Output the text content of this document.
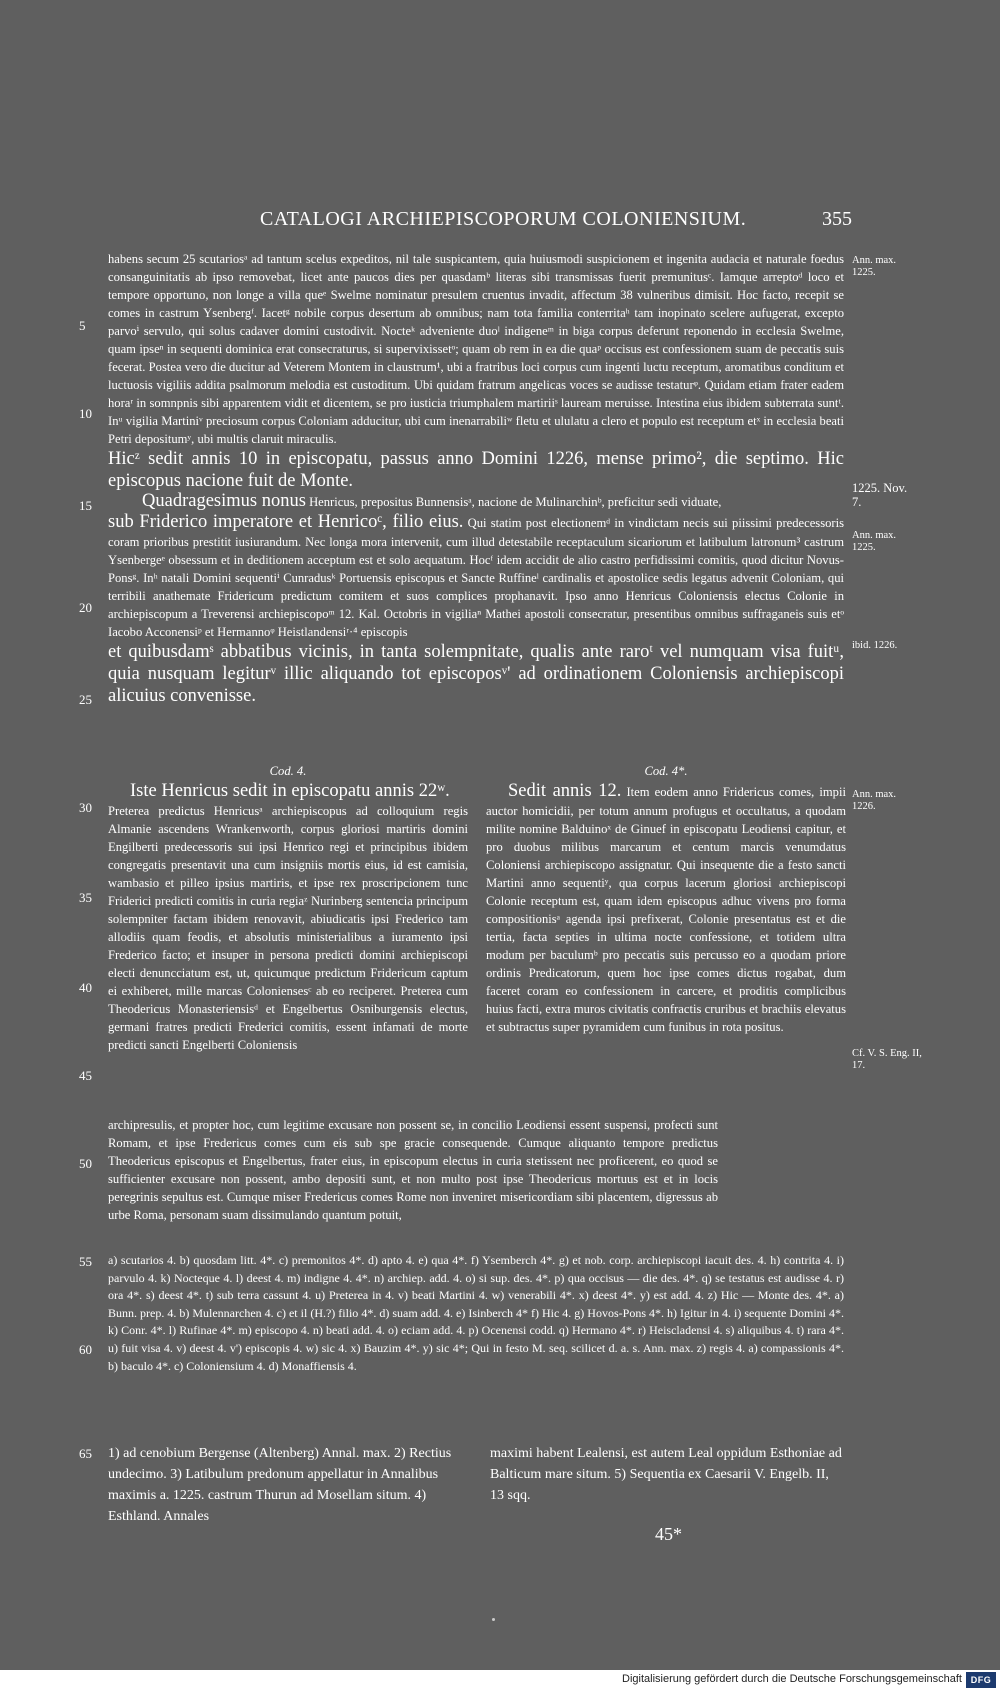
CATALOGI ARCHIEPISCOPORUM COLONIENSIUM.	355
5
10
15
20
25
30
35
40
45
50
55
60
65
Ann. max. 1225.
1225. Nov. 7.
Ann. max. 1225.
ibid. 1226.
Ann. max. 1226.
Cf. V. S. Eng. II, 17.

habens secum 25 scutariosᵃ ad tantum scelus expeditos, nil tale suspicantem, quia huiusmodi suspicionem et ingenita audacia et naturale foedus consanguinitatis ab ipso removebat, licet ante paucos dies per quasdamᵇ literas sibi transmissas fuerit premunitusᶜ. Iamque arreptoᵈ loco et tempore opportuno, non longe a villa queᵉ Swelme nominatur presulem cruentus invadit, affectum 38 vulneribus dimisit. Hoc facto, recepit se comes in castrum Ysenbergᶠ. Iacetᵍ nobile corpus desertum ab omnibus; nam tota familia conterritaʰ tam inopinato scelere aufugerat, excepto parvoⁱ servulo, qui solus cadaver domini custodivit. Nocteᵏ adveniente duoˡ indigeneᵐ in biga corpus deferunt reponendo in ecclesia Swelme, quam ipseⁿ in sequenti dominica erat consecraturus, si supervixissetᵒ; quam ob rem in ea die quaᵖ occisus est confessionem suam de peccatis suis fecerat. Postea vero die ducitur ad Veterem Montem in claustrum¹, ubi a fratribus loci corpus cum ingenti luctu receptum, aromatibus conditum et luctuosis vigiliis addita psalmorum melodia est custoditum. Ubi quidam fratrum angelicas voces se audisse testaturᵠ. Quidam etiam frater eadem horaʳ in somnpnis sibi apparentem vidit et dicentem, se pro iusticia triumphalem martiriiˢ lauream meruisse. Intestina eius ibidem subterrata suntᵗ. Inᵘ vigilia Martiniᵛ preciosum corpus Coloniam adducitur, ubi cum inenarrabiliʷ fletu et ululatu a clero et populo est receptum etˣ in ecclesia beati Petri depositumʸ, ubi multis claruit miraculis.

Hicᶻ sedit annis 10 in episcopatu, passus anno Domini 1226, mense primo², die septimo. Hic episcopus nacione fuit de Monte.

Quadragesimus nonus Henricus, prepositus Bunnensisᵃ, nacione de Mulinarchinᵇ, preficitur sedi viduate,

sub Friderico imperatore et Henricoᶜ, filio eius. Qui statim post electionemᵈ in vindictam necis sui piissimi predecessoris coram prioribus prestitit iusiurandum. Nec longa mora intervenit, cum illud detestabile receptaculum sicariorum et latibulum latronum³ castrum Ysenbergeᵉ obsessum et in deditionem acceptum est et solo aequatum. Hocᶠ idem accidit de alio castro perfidissimi comitis, quod dicitur Novus-Ponsᵍ. Inʰ natali Domini sequentiⁱ Cunradusᵏ Portuensis episcopus et Sancte Ruffineˡ cardinalis et apostolice sedis legatus advenit Coloniam, qui terribili anathemate Fridericum predictum comitem et suos complices prophanavit. Ipso anno Henricus Coloniensis electus Colonie in archiepiscopum a Treverensi archiepiscopoᵐ 12. Kal. Octobris in vigiliaⁿ Mathei apostoli consecratur, presentibus omnibus suffraganeis suis etᵒ Iacobo Acconensiᵖ et Hermannoᵠ Heistlandensiʳ·⁴ episcopis

et quibusdamˢ abbatibus vicinis, in tanta solempnitate, qualis ante raroᵗ vel numquam visa fuitᵘ, quia nusquam legiturᵛ illic aliquando tot episcoposᵛ' ad ordinationem Coloniensis archiepiscopi alicuius convenisse.

Cod. 4.
Iste Henricus sedit in episcopatu annis 22ʷ.

Preterea predictus Henricusᵃ archiepiscopus ad colloquium regis Almanie ascendens Wrankenworth, corpus gloriosi martiris domini Engilberti predecessoris sui ipsi Henrico regi et principibus ibidem congregatis presentavit una cum insigniis mortis eius, id est camisia, wambasio et pilleo ipsius martiris, et ipse rex proscripcionem tunc Friderici predicti comitis in curia regiaᶻ Nurinberg sentencia principum solempniter factam ibidem renovavit, abiudicatis ipsi Frederico tam allodiis quam feodis, et absolutis ministerialibus a iuramento ipsi Frederico facto; et insuper in persona predicti domini archiepiscopi electi denuncciatum est, ut, quicumque predictum Fridericum captum ei exhiberet, mille marcas Coloniensesᶜ ab eo reciperet. Preterea cum Theodericus Monasteriensisᵈ et Engelbertus Osniburgensis electus, germani fratres predicti Frederici comitis, essent infamati de morte predicti sancti Engelberti Coloniensis

Cod. 4*.

Sedit annis 12. Item eodem anno Fridericus comes, impii auctor homicidii, per totum annum profugus et occultatus, a quodam milite nomine Balduinoˣ de Ginuef in episcopatu Leodiensi capitur, et pro duobus milibus marcarum et centum marcis venumdatus Coloniensi archiepiscopo assignatur. Qui insequente die a festo sancti Martini anno sequentiʸ, qua corpus lacerum gloriosi archiepiscopi Colonie receptum est, quam idem episcopus adhuc vivens pro forma compositionisᵃ agenda ipsi prefixerat, Colonie presentatus est et die tertia, facta septies in ultima nocte confessione, et totidem ultra modum per baculumᵇ pro peccatis suis percusso eo a quodam priore ordinis Predicatorum, quem hoc ipse comes dictus rogabat, dum faceret coram eo confessionem in carcere, et proditis complicibus huius facti, extra muros civitatis confractis cruribus et brachiis elevatus et subtractus super pyramidem cum funibus in rota positus.

archipresulis, et propter hoc, cum legitime excusare non possent se, in concilio Leodiensi essent suspensi, profecti sunt Romam, et ipse Fredericus comes cum eis sub spe gracie consequende. Cumque aliquanto tempore predictus Theodericus episcopus et Engelbertus, frater eius, in episcopum electus in curia stetissent nec proficerent, eo quod se sufficienter excusare non possent, ambo depositi sunt, et non multo post ipse Theodericus mortuus est et in locis peregrinis sepultus est. Cumque miser Fredericus comes Rome non inveniret misericordiam sibi placentem, digressus ab urbe Roma, personam suam dissimulando quantum potuit,

a) scutarios 4. b) quosdam litt. 4*. c) premonitos 4*. d) apto 4. e) qua 4*. f) Ysemberch 4*. g) et nob. corp. archiepiscopi iacuit des. 4. h) contrita 4. i) parvulo 4. k) Nocteque 4. l) deest 4. m) indigne 4. 4*. n) archiep. add. 4. o) si sup. des. 4*. p) qua occisus — die des. 4*. q) se testatus est audisse 4. r) ora 4*. s) deest 4*. t) sub terra cassunt 4. u) Preterea in 4. v) beati Martini 4. w) venerabili 4*. x) deest 4*. y) est add. 4. z) Hic — Monte des. 4*. a) Bunn. prep. 4. b) Mulennarchen 4. c) et il (H.?) filio 4*. d) suam add. 4. e) Isinberch 4* f) Hic 4. g) Hovos-Pons 4*. h) Igitur in 4. i) sequente Domini 4*. k) Conr. 4*. l) Rufinae 4*. m) episcopo 4. n) beati add. 4. o) eciam add. 4. p) Ocenensi codd. q) Hermano 4*. r) Heiscladensi 4. s) aliquibus 4. t) rara 4*. u) fuit visa 4. v) deest 4. v') episcopis 4. w) sic 4. x) Bauzim 4*. y) sic 4*; Qui in festo M. seq. scilicet d. a. s. Ann. max. z) regis 4. a) compassionis 4*. b) baculo 4*. c) Coloniensium 4. d) Monaffiensis 4.

1) ad cenobium Bergense (Altenberg) Annal. max. 2) Rectius undecimo. 3) Latibulum predonum appellatur in Annalibus maximis a. 1225. castrum Thurun ad Mosellam situm. 4) Esthland. Annales
maximi habent Lealensi, est autem Leal oppidum Esthoniae ad Balticum mare situm. 5) Sequentia ex Caesarii V. Engelb. II, 13 sqq.
45*
Digitalisierung gefördert durch die Deutsche Forschungsgemeinschaft DFG
